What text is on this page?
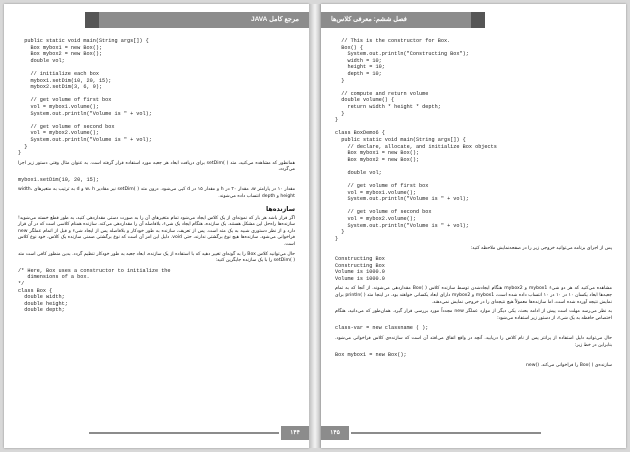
مرجع کامل JAVA
public static void main(String args[]) {
Box mybox1 = new Box();
Box mybox2 = new Box();
double vol;

// initialize each box
mybox1.setDim(10, 20, 15);
mybox2.setDim(3, 6, 9);

// get volume of first box
vol = mybox1.volume();
System.out.println("Volume is " + vol);

// get volume of second box
vol = mybox2.volume();
System.out.println("Volume is " + vol);
}
}

همانطور که مشاهده می‌کنید، متد ( )setDim برای دریافت ابعاد هر جعبه مورد استفاده قرار گرفته است. به عنوان مثال وقتی دستور زیر اجرا می‌گردد،

mybox1.setDim(10, 20, 15);

مقدار ۱۰ در پارامتر w، مقدار ۲۰ در h و مقدار ۱۵ در d کپی می‌شود. درون متد ( )setDim نیز مقادیر w، h و d به ترتیب به متغیرهای width، height و depth انتساب داده می‌شوند.

سازنده‌ها

اگر قرار باشد هر بار که نمونه‌ای از یک کلاس ایجاد می‌شود تمام متغیرهای آن را به صورت دستی مقداردهی کنید، به طور قطع خسته می‌شوید! سازنده‌ها راه‌حل این مشکل هستند. یک سازنده، هنگام ایجاد یک شیء، بلافاصله آن را مقداردهی می‌کند. سازنده همنام کلاسی است که در آن قرار دارد و از نظر دستوری شبیه به یک متد است. پس از تعریف، سازنده به طور خودکار و بلافاصله پس از ایجاد شیء و قبل از اتمام عملگر new فراخوانی می‌شود. سازنده‌ها هیچ نوع برگشتی ندارند، حتی void. دلیل این امر آن است که نوع برگشتی ضمنی سازنده یک کلاس، خود نوع کلاس است.

حال می‌توانید کلاس Box را به گونه‌ای تغییر دهید که با استفاده از یک سازنده، ابعاد جعبه به طور خودکار تنظیم گردد. بدین منظور کافی است متد ( )setDim را با یک سازنده جایگزین کنید:

/* Here, Box uses a constructor to initialize the
dimensions of a box.
*/
class Box {
double width;
double height;
double depth;
۱۴۴
فصل ششم: معرفی کلاس‌ها
// This is the constructor for Box.
Box() {
System.out.println("Constructing Box");
width = 10;
height = 10;
depth = 10;
}

// compute and return volume
double volume() {
return width * height * depth;
}
}

class BoxDemo6 {
public static void main(String args[]) {
// declare, allocate, and initialize Box objects
Box mybox1 = new Box();
Box mybox2 = new Box();

double vol;

// get volume of first box
vol = mybox1.volume();
System.out.println("Volume is " + vol);

// get volume of second box
vol = mybox2.volume();
System.out.println("Volume is " + vol);
}
}

پس از اجرای برنامه می‌توانید خروجی زیر را در صفحه‌نمایش ملاحظه کنید:

Constructing Box
Constructing Box
Volume is 1000.0
Volume is 1000.0

مشاهده می‌کنید که هر دو شیء mybox1 و mybox2 هنگام ایجادشدن توسط سازنده کلاس ( )Box مقداردهی می‌شوند. از آنجا که به تمام جعبه‌ها ابعاد یکسان ۱۰ در ۱۰ در ۱۰ انتساب داده شده است، mybox1 و mybox2 دارای ابعاد یکسانی خواهند بود. در اینجا متد ( )println برای نمایش نتیجه آورده شده است، اما سازنده‌ها معمولاً هیچ نتیجه‌ای را در خروجی نمایش نمی‌دهند.

به نظر می‌رسد مهلت است پیش از ادامه بحث، یکی دیگر از موارد عملگر new مجدداً مورد بررسی قرار گیرد. همان‌طور که می‌دانید، هنگام اختصاص حافظه به یک شیء، از دستور زیر استفاده می‌شود:

class-var = new classname ( );

حال می‌توانید دلیل استفاده از پرانتز پس از نام کلاس را دریابید. آنچه در واقع اتفاق می‌افتد آن است که سازنده‌ی کلاس فراخوانی می‌شود. بنابراین در خط زیر:

Box mybox1 = new Box();

سازنده‌ی ( )Box را فراخوانی می‌کند. ()new

۱۴۵
